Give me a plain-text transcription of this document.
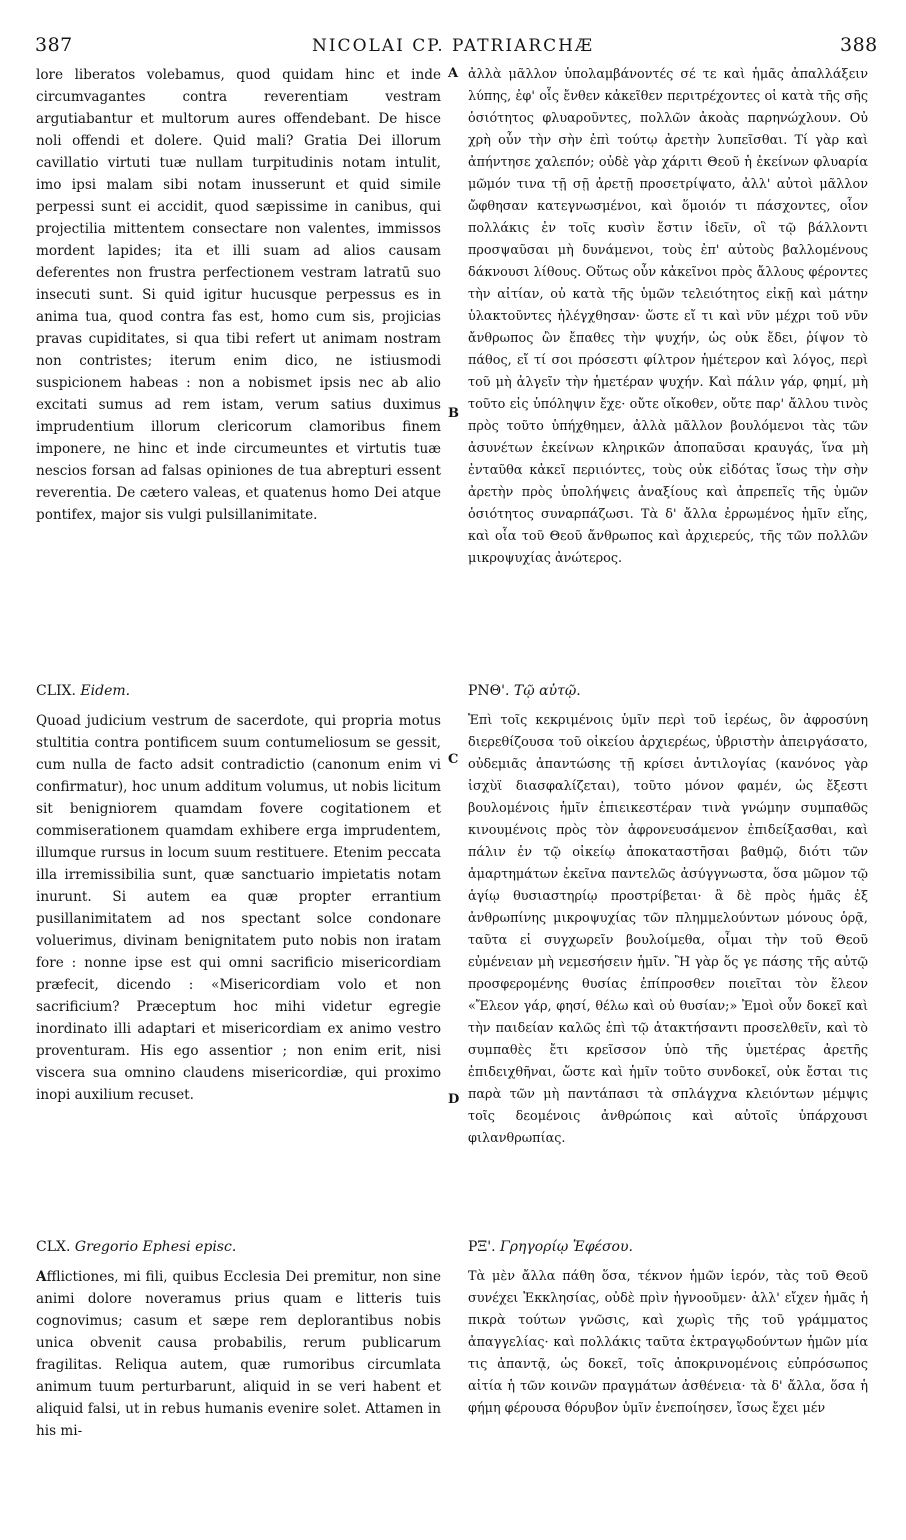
387	NICOLAI CP. PATRIARCHÆ	388

lore liberatos volebamus, quod quidam hinc et inde circumvagantes contra reverentiam vestram argutiabantur et multorum aures offendebant. De hisce noli offendi et dolere. Quid mali? Gratia Dei illorum cavillatio virtuti tuæ nullam turpitudinis notam intulit, imo ipsi malam sibi notam inusserunt et quid simile perpessi sunt ei accidit, quod sæpissime in canibus, qui projectilia mittentem consectare non valentes, immissos mordent lapides; ita et illi suam ad alios causam deferentes non frustra perfectionem vestram latratū suo insecuti sunt. Si quid igitur hucusque perpessus es in anima tua, quod contra fas est, homo cum sis, projicias pravas cupiditates, si qua tibi refert ut animam nostram non contristes; iterum enim dico, ne istiusmodi suspicionem habeas : non a nobismet ipsis nec ab alio excitati sumus ad rem istam, verum satius duximus imprudentium illorum clericorum clamoribus finem imponere, ne hinc et inde circumeuntes et virtutis tuæ nescios forsan ad falsas opiniones de tua abrepturi essent reverentia. De cætero valeas, et quatenus homo Dei atque pontifex, major sis vulgi pulsillanimitate.

CLIX. Eidem.

Quoad judicium vestrum de sacerdote, qui propria motus stultitia contra pontificem suum contumeliosum se gessit, cum nulla de facto adsit contradictio (canonum enim vi confirmatur), hoc unum additum volumus, ut nobis licitum sit benigniorem quamdam fovere cogitationem et commiserationem quamdam exhibere erga imprudentem, illumque rursus in locum suum restituere. Etenim peccata illa irremissibilia sunt, quæ sanctuario impietatis notam inurunt. Si autem ea quæ propter errantium pusillanimitatem ad nos spectant solce condonare voluerimus, divinam benignitatem puto nobis non iratam fore : nonne ipse est qui omni sacrificio misericordiam præfecit, dicendo : «Misericordiam volo et non sacrificium? Præceptum hoc mihi videtur egregie inordinato illi adaptari et misericordiam ex animo vestro proventuram. His ego assentior ; non enim erit, nisi viscera sua omnino claudens misericordiæ, qui proximo inopi auxilium recuset.

CLX. Gregorio Ephesi episc.

Afflictiones, mi fili, quibus Ecclesia Dei premitur, non sine animi dolore noveramus prius quam e litteris tuis cognovimus; casum et sæpe rem deplorantibus nobis unica obvenit causa probabilis, rerum publicarum fragilitas. Reliqua autem, quæ rumoribus circumlata animum tuum perturbarunt, aliquid in se veri habent et aliquid falsi, ut in rebus humanis evenire solet. Attamen in his mi-

A
B
C
D

ἀλλὰ μᾶλλον ὑπολαμβάνοντές σέ τε καὶ ἡμᾶς ἀπαλλάξειν λύπης, ἐφ' οἷς ἔνθεν κἀκεῖθεν περιτρέχοντες οἱ κατὰ τῆς σῆς ὁσιότητος φλυαροῦντες, πολλῶν ἀκοὰς παρηνώχλουν. Οὐ χρὴ οὖν τὴν σὴν ἐπὶ τούτῳ ἀρετὴν λυπεῖσθαι. Τί γὰρ καὶ ἀπήντησε χαλεπόν; οὐδὲ γὰρ χάριτι Θεοῦ ἡ ἐκείνων φλυαρία μῶμόν τινα τῇ σῇ ἀρετῇ προσετρίψατο, ἀλλ' αὐτοὶ μᾶλλον ὤφθησαν κατεγνωσμένοι, καὶ ὅμοιόν τι πάσχοντες, οἷον πολλάκις ἐν τοῖς κυσὶν ἔστιν ἰδεῖν, οἳ τῷ βάλλοντι προσψαῦσαι μὴ δυνάμενοι, τοὺς ἐπ' αὐτοὺς βαλλομένους δάκνουσι λίθους. Οὕτως οὖν κἀκεῖνοι πρὸς ἄλλους φέροντες τὴν αἰτίαν, οὐ κατὰ τῆς ὑμῶν τελειότητος εἰκῇ καὶ μάτην ὑλακτοῦντες ἠλέγχθησαν· ὥστε εἴ τι καὶ νῦν μέχρι τοῦ νῦν ἄνθρωπος ὢν ἔπαθες τὴν ψυχήν, ὡς οὐκ ἔδει, ῥίψον τὸ πάθος, εἴ τί σοι πρόσεστι φίλτρον ἡμέτερον καὶ λόγος, περὶ τοῦ μὴ ἀλγεῖν τὴν ἡμετέραν ψυχήν. Καὶ πάλιν γάρ, φημί, μὴ τοῦτο εἰς ὑπόληψιν ἔχε· οὔτε οἴκοθεν, οὔτε παρ' ἄλλου τινὸς πρὸς τοῦτο ὑπήχθημεν, ἀλλὰ μᾶλλον βουλόμενοι τὰς τῶν ἀσυνέτων ἐκείνων κληρικῶν ἀποπαῦσαι κραυγάς, ἵνα μὴ ἐνταῦθα κἀκεῖ περιιόντες, τοὺς οὐκ εἰδότας ἴσως τὴν σὴν ἀρετὴν πρὸς ὑπολήψεις ἀναξίους καὶ ἀπρεπεῖς τῆς ὑμῶν ὁσιότητος συναρπάζωσι. Τὰ δ' ἄλλα ἐρρωμένος ἡμῖν εἴης, καὶ οἷα τοῦ Θεοῦ ἄνθρωπος καὶ ἀρχιερεύς, τῆς τῶν πολλῶν μικροψυχίας ἀνώτερος.

ΡΝΘ'. Τῷ αὐτῷ.

Ἐπὶ τοῖς κεκριμένοις ὑμῖν περὶ τοῦ ἱερέως, ὃν ἀφροσύνη διερεθίζουσα τοῦ οἰκείου ἀρχιερέως, ὑβριστὴν ἀπειργάσατο, οὐδεμιᾶς ἀπαντώσης τῇ κρίσει ἀντιλογίας (κανόνος γὰρ ἰσχὺϊ διασφαλίζεται), τοῦτο μόνον φαμέν, ὡς ἔξεστι βουλομένοις ἡμῖν ἐπιεικεστέραν τινὰ γνώμην συμπαθῶς κινουμένοις πρὸς τὸν ἀφρονευσάμενον ἐπιδείξασθαι, καὶ πάλιν ἐν τῷ οἰκείῳ ἀποκαταστῆσαι βαθμῷ, διότι τῶν ἁμαρτημάτων ἐκεῖνα παντελῶς ἀσύγγνωστα, ὅσα μῶμον τῷ ἁγίῳ θυσιαστηρίῳ προστρίβεται· ἃ δὲ πρὸς ἡμᾶς ἐξ ἀνθρωπίνης μικροψυχίας τῶν πλημμελούντων μόνους ὁρᾷ, ταῦτα εἰ συγχωρεῖν βουλοίμεθα, οἶμαι τὴν τοῦ Θεοῦ εὐμένειαν μὴ νεμεσήσειν ἡμῖν. Ἢ γὰρ ὅς γε πάσης τῆς αὐτῷ προσφερομένης θυσίας ἐπίπροσθεν ποιεῖται τὸν ἔλεον «Ἔλεον γάρ, φησί, θέλω καὶ οὐ θυσίαν;» Ἐμοὶ οὖν δοκεῖ καὶ τὴν παιδείαν καλῶς ἐπὶ τῷ ἀτακτήσαντι προσελθεῖν, καὶ τὸ συμπαθὲς ἔτι κρεῖσσον ὑπὸ τῆς ὑμετέρας ἀρετῆς ἐπιδειχθῆναι, ὥστε καὶ ἡμῖν τοῦτο συνδοκεῖ, οὐκ ἔσται τις παρὰ τῶν μὴ παντάπασι τὰ σπλάγχνα κλειόντων μέμψις τοῖς δεομένοις ἀνθρώποις καὶ αὐτοῖς ὑπάρχουσι φιλανθρωπίας.

ΡΞ'. Γρηγορίῳ Ἐφέσου.

Τὰ μὲν ἄλλα πάθη ὅσα, τέκνον ἡμῶν ἱερόν, τὰς τοῦ Θεοῦ συνέχει Ἐκκλησίας, οὐδὲ πρὶν ἠγνοοῦμεν· ἀλλ' εἴχεν ἡμᾶς ἡ πικρὰ τούτων γνῶσις, καὶ χωρὶς τῆς τοῦ γράμματος ἀπαγγελίας· καὶ πολλάκις ταῦτα ἐκτραγῳδούντων ἡμῶν μία τις ἀπαντᾷ, ὡς δοκεῖ, τοῖς ἀποκρινομένοις εὐπρόσωπος αἰτία ἡ τῶν κοινῶν πραγμάτων ἀσθένεια· τὰ δ' ἄλλα, ὅσα ἡ φήμη φέρουσα θόρυβον ὑμῖν ἐνεποίησεν, ἴσως ἔχει μέν
